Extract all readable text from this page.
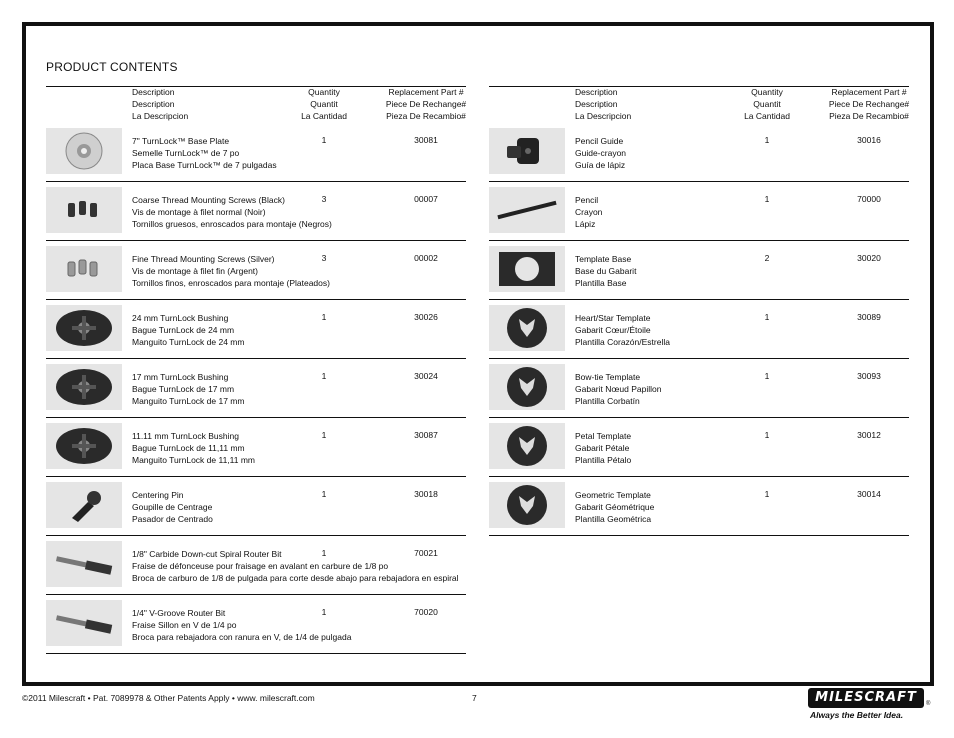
PRODUCT CONTENTS
Description
Description
La Descripcion
Quantity
Quantit
La Cantidad
Replacement Part #
Piece De Rechange#
Pieza De Recambio#
7" TurnLock™ Base Plate
Semelle TurnLock™ de 7 po
Placa Base TurnLock™ de 7 pulgadas
1	30081
Coarse Thread Mounting Screws (Black)
Vis de montage à filet normal (Noir)
Tornillos gruesos, enroscados para montaje (Negros)
3	00007
Fine Thread Mounting Screws (Silver)
Vis de montage à filet fin (Argent)
Tornillos finos, enroscados para montaje (Plateados)
3	00002
24 mm TurnLock Bushing
Bague TurnLock de 24 mm
Manguito TurnLock de 24 mm
1	30026
17 mm TurnLock Bushing
Bague TurnLock de 17 mm
Manguito TurnLock de 17 mm
1	30024
11.11 mm TurnLock Bushing
Bague TurnLock de 11,11 mm
Manguito TurnLock de 11,11 mm
1	30087
Centering Pin
Goupille de Centrage
Pasador de Centrado
1	30018
1/8" Carbide Down-cut Spiral Router Bit
Fraise de défonceuse pour fraisage en avalant en carbure de 1/8 po
Broca de carburo de 1/8 de pulgada para corte desde abajo para rebajadora en espiral
1	70021
1/4" V-Groove Router Bit
Fraise Sillon en V de 1/4 po
Broca para rebajadora con ranura en V, de 1/4 de pulgada
1	70020
Description
Description
La Descripcion
Quantity
Quantit
La Cantidad
Replacement Part #
Piece De Rechange#
Pieza De Recambio#
Pencil Guide
Guide-crayon
Guía de lápiz
1	30016
Pencil
Crayon
Lápiz
1	70000
Template Base
Base du Gabarit
Plantilla Base
2	30020
Heart/Star Template
Gabarit Cœur/Étoile
Plantilla Corazón/Estrella
1	30089
Bow-tie Template
Gabarit Nœud Papillon
Plantilla Corbatín
1	30093
Petal Template
Gabarit Pétale
Plantilla Pétalo
1	30012
Geometric Template
Gabarit Géométrique
Plantilla Geométrica
1	30014
©2011 Milescraft • Pat. 7089978 & Other Patents Apply • www. milescraft.com	7	MILESCRAFT	®
Always the Better Idea.
